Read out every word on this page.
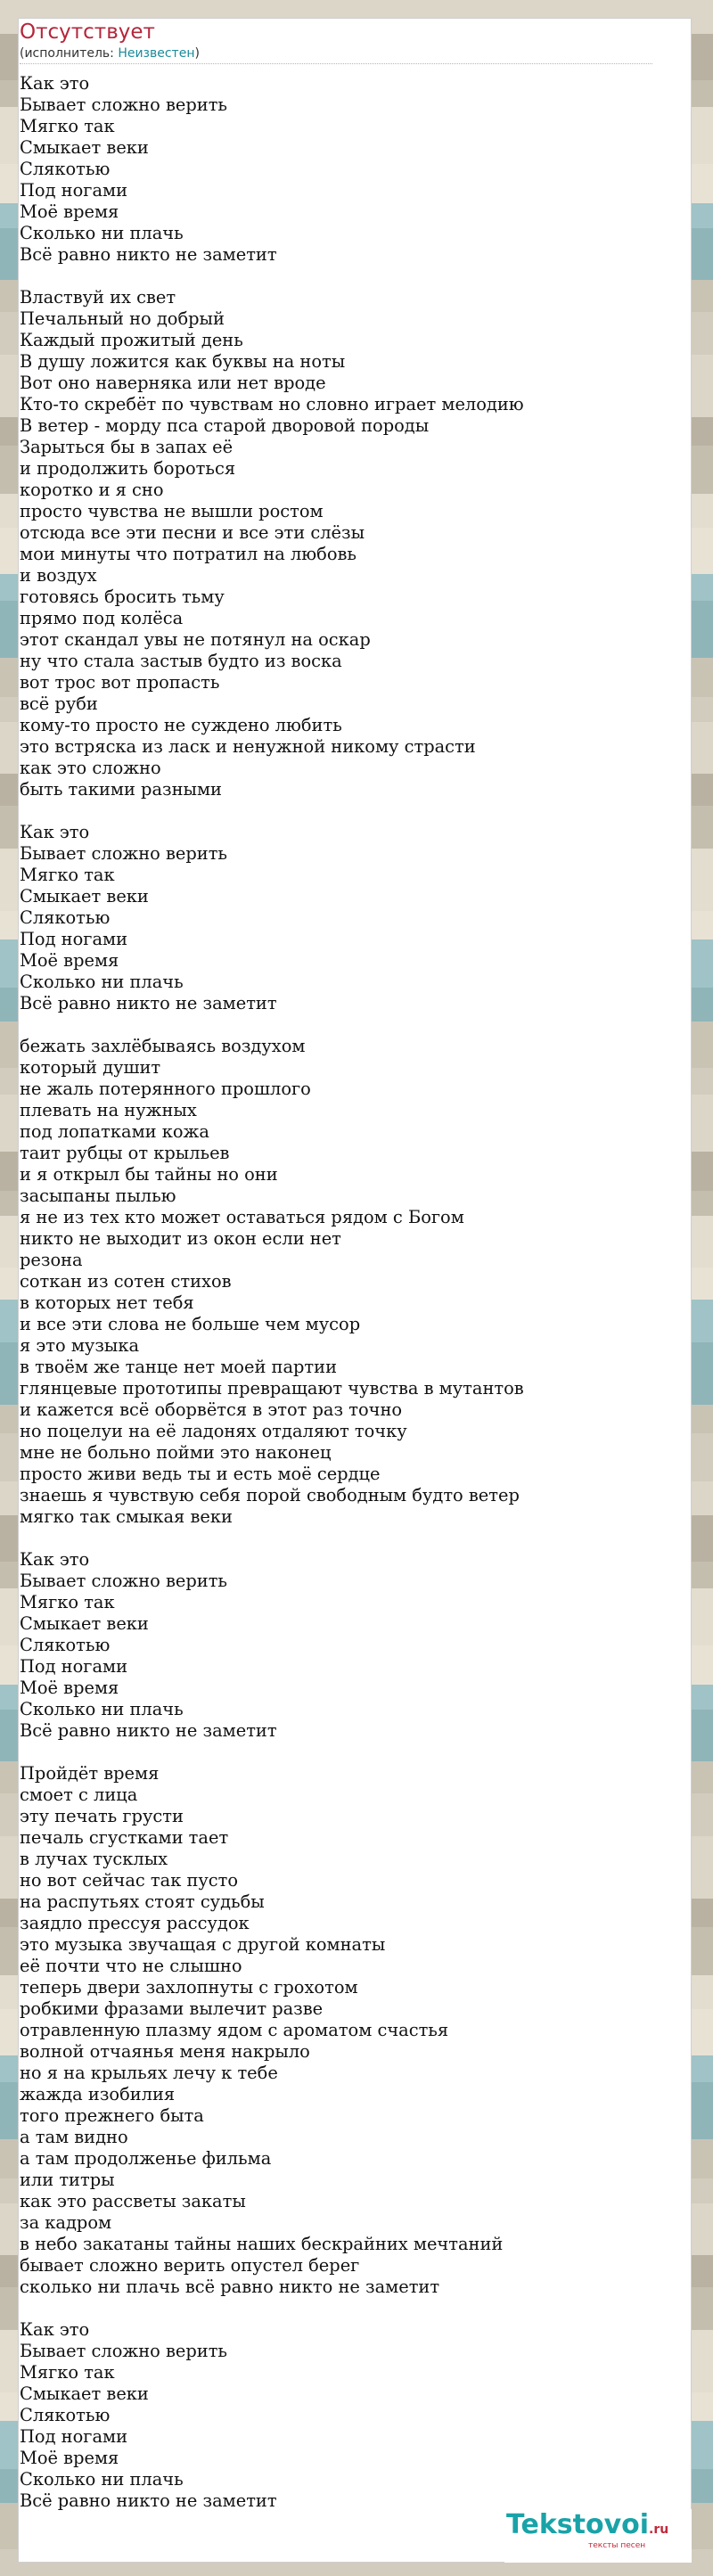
Отсутствует
(исполнитель: Неизвестен)
Как это
Бывает сложно верить
Мягко так
Смыкает веки
Слякотью
Под ногами
Моё время
Сколько ни плачь
Всё равно никто не заметит
Властвуй их свет
Печальный но добрый
Каждый прожитый день
В душу ложится как буквы на ноты
Вот оно наверняка или нет вроде
Кто-то скребёт по чувствам но словно играет мелодию
В ветер - морду пса старой дворовой породы
Зарыться бы в запах её
и продолжить бороться
коротко и я сно
просто чувства не вышли ростом
отсюда все эти песни и все эти слёзы
мои минуты что потратил на любовь
и воздух
готовясь бросить тьму
прямо под колёса
этот скандал увы не потянул на оскар
ну что стала застыв будто из воска
вот трос вот пропасть
всё руби
кому-то просто не суждено любить
это встряска из ласк и ненужной никому страсти
как это сложно
быть такими разными
Как это
Бывает сложно верить
Мягко так
Смыкает веки
Слякотью
Под ногами
Моё время
Сколько ни плачь
Всё равно никто не заметит
бежать захлёбываясь воздухом
который душит
не жаль потерянного прошлого
плевать на нужных
под лопатками кожа
таит рубцы от крыльев
и я открыл бы тайны но они
засыпаны пылью
я не из тех кто может оставаться рядом с Богом
никто не выходит из окон если нет
резона
соткан из сотен стихов
в которых нет тебя
и все эти слова не больше чем мусор
я это музыка
в твоём же танце нет моей партии
глянцевые прототипы превращают чувства в мутантов
и кажется всё оборвётся в этот раз точно
но поцелуи на её ладонях отдаляют точку
мне не больно пойми это наконец
просто живи ведь ты и есть моё сердце
знаешь я чувствую себя порой свободным будто ветер
мягко так смыкая веки
Как это
Бывает сложно верить
Мягко так
Смыкает веки
Слякотью
Под ногами
Моё время
Сколько ни плачь
Всё равно никто не заметит
Пройдёт время
смоет с лица
эту печать грусти
печаль сгустками тает
в лучах тусклых
но вот сейчас так пусто
на распутьях стоят судьбы
заядло прессуя рассудок
это музыка звучащая с другой комнаты
её почти что не слышно
теперь двери захлопнуты с грохотом
робкими фразами вылечит разве
отравленную плазму ядом с ароматом счастья
волной отчаянья меня накрыло
но я на крыльях лечу к тебе
жажда изобилия
того прежнего быта
а там видно
а там продолженье фильма
или титры
как это рассветы закаты
за кадром
в небо закатаны тайны наших бескрайних мечтаний
бывает сложно верить опустел берег
сколько ни плачь всё равно никто не заметит
Как это
Бывает сложно верить
Мягко так
Смыкает веки
Слякотью
Под ногами
Моё время
Сколько ни плачь
Всё равно никто не заметит
Tekstovoi.ru
тексты песен
